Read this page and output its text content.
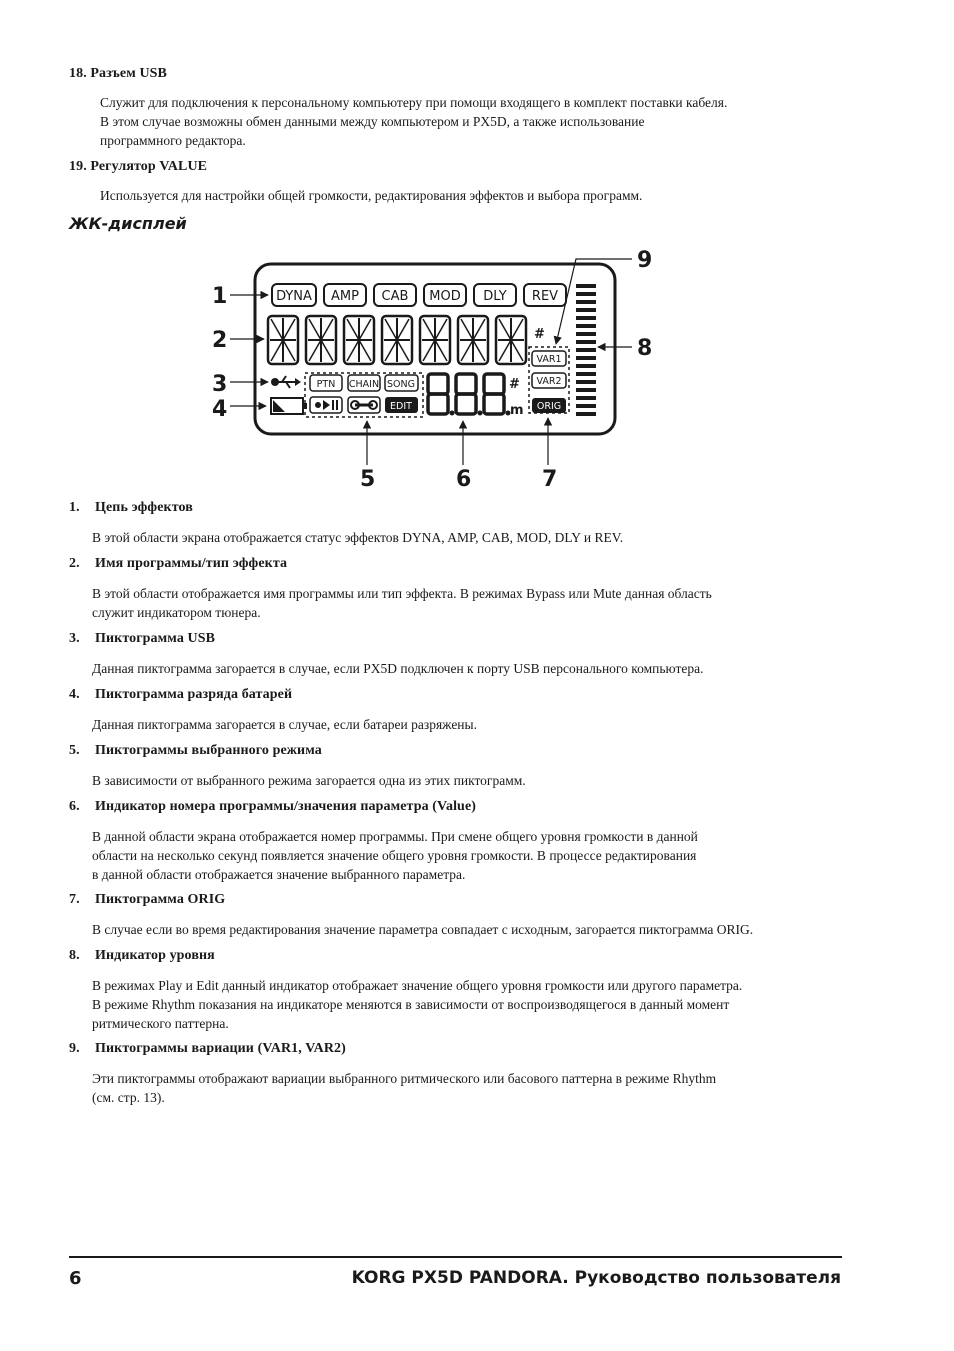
18. Разъем USB
Служит для подключения к персональному компьютеру при помощи входящего в комплект поставки кабеля.
В этом случае возможны обмен данными между компьютером и PX5D, а также использование
программного редактора.
19. Регулятор VALUE
Используется для настройки общей громкости, редактирования эффектов и выбора программ.
ЖК-дисплей
DYNA AMP CAB MOD DLY REV
#
PTN CHAIN SONG
EDIT
#
m
VAR1
VAR2
ORIG
1
2
3
4
5	6	7
8
9
1. Цепь эффектов
В этой области экрана отображается статус эффектов DYNA, AMP, CAB, MOD, DLY и REV.
2. Имя программы/тип эффекта
В этой области отображается имя программы или тип эффекта. В режимах Bypass или Mute данная область
служит индикатором тюнера.
3. Пиктограмма USB
Данная пиктограмма загорается в случае, если PX5D подключен к порту USB персонального компьютера.
4. Пиктограмма разряда батарей
Данная пиктограмма загорается в случае, если батареи разряжены.
5. Пиктограммы выбранного режима
В зависимости от выбранного режима загорается одна из этих пиктограмм.
6. Индикатор номера программы/значения параметра (Value)
В данной области экрана отображается номер программы. При смене общего уровня громкости в данной
области на несколько секунд появляется значение общего уровня громкости. В процессе редактирования
в данной области отображается значение выбранного параметра.
7. Пиктограмма ORIG
В случае если во время редактирования значение параметра совпадает с исходным, загорается пиктограмма ORIG.
8. Индикатор уровня
В режимах Play и Edit данный индикатор отображает значение общего уровня громкости или другого параметра.
В режиме Rhythm показания на индикаторе меняются в зависимости от воспроизводящегося в данный момент
ритмического паттерна.
9. Пиктограммы вариации (VAR1, VAR2)
Эти пиктограммы отображают вариации выбранного ритмического или басового паттерна в режиме Rhythm
(см. стр. 13).
6	KORG PX5D PANDORA. Руководство пользователя
